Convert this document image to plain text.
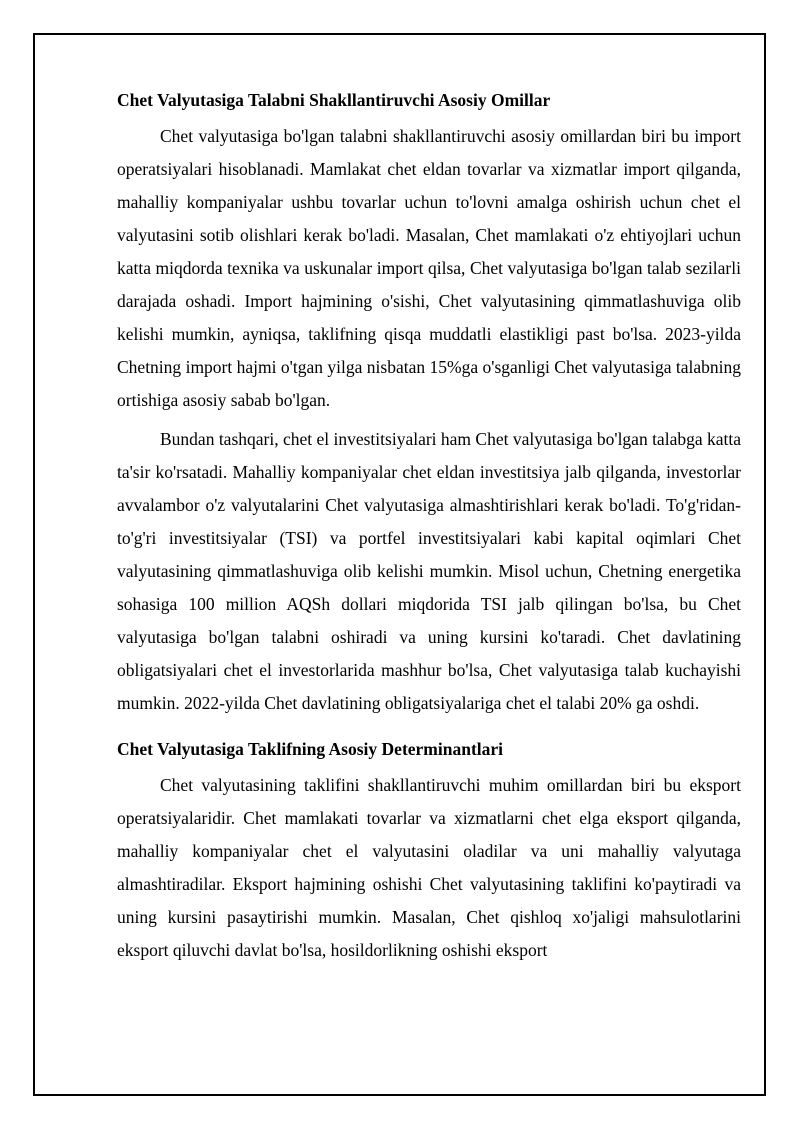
Chet Valyutasiga Talabni Shakllantiruvchi Asosiy Omillar

Chet valyutasiga bo'lgan talabni shakllantiruvchi asosiy omillardan biri bu import operatsiyalari hisoblanadi. Mamlakat chet eldan tovarlar va xizmatlar import qilganda, mahalliy kompaniyalar ushbu tovarlar uchun to'lovni amalga oshirish uchun chet el valyutasini sotib olishlari kerak bo'ladi. Masalan, Chet mamlakati o'z ehtiyojlari uchun katta miqdorda texnika va uskunalar import qilsa, Chet valyutasiga bo'lgan talab sezilarli darajada oshadi. Import hajmining o'sishi, Chet valyutasining qimmatlashuviga olib kelishi mumkin, ayniqsa, taklifning qisqa muddatli elastikligi past bo'lsa. 2023-yilda Chetning import hajmi o'tgan yilga nisbatan 15%ga o'sganligi Chet valyutasiga talabning ortishiga asosiy sabab bo'lgan.

Bundan tashqari, chet el investitsiyalari ham Chet valyutasiga bo'lgan talabga katta ta'sir ko'rsatadi. Mahalliy kompaniyalar chet eldan investitsiya jalb qilganda, investorlar avvalambor o'z valyutalarini Chet valyutasiga almashtirishlari kerak bo'ladi. To'g'ridan-to'g'ri investitsiyalar (TSI) va portfel investitsiyalari kabi kapital oqimlari Chet valyutasining qimmatlashuviga olib kelishi mumkin. Misol uchun, Chetning energetika sohasiga 100 million AQSh dollari miqdorida TSI jalb qilingan bo'lsa, bu Chet valyutasiga bo'lgan talabni oshiradi va uning kursini ko'taradi. Chet davlatining obligatsiyalari chet el investorlarida mashhur bo'lsa, Chet valyutasiga talab kuchayishi mumkin. 2022-yilda Chet davlatining obligatsiyalariga chet el talabi 20% ga oshdi.

Chet Valyutasiga Taklifning Asosiy Determinantlari

Chet valyutasining taklifini shakllantiruvchi muhim omillardan biri bu eksport operatsiyalaridir. Chet mamlakati tovarlar va xizmatlarni chet elga eksport qilganda, mahalliy kompaniyalar chet el valyutasini oladilar va uni mahalliy valyutaga almashtiradilar. Eksport hajmining oshishi Chet valyutasining taklifini ko'paytiradi va uning kursini pasaytirishi mumkin. Masalan, Chet qishloq xo'jaligi mahsulotlarini eksport qiluvchi davlat bo'lsa, hosildorlikning oshishi eksport
